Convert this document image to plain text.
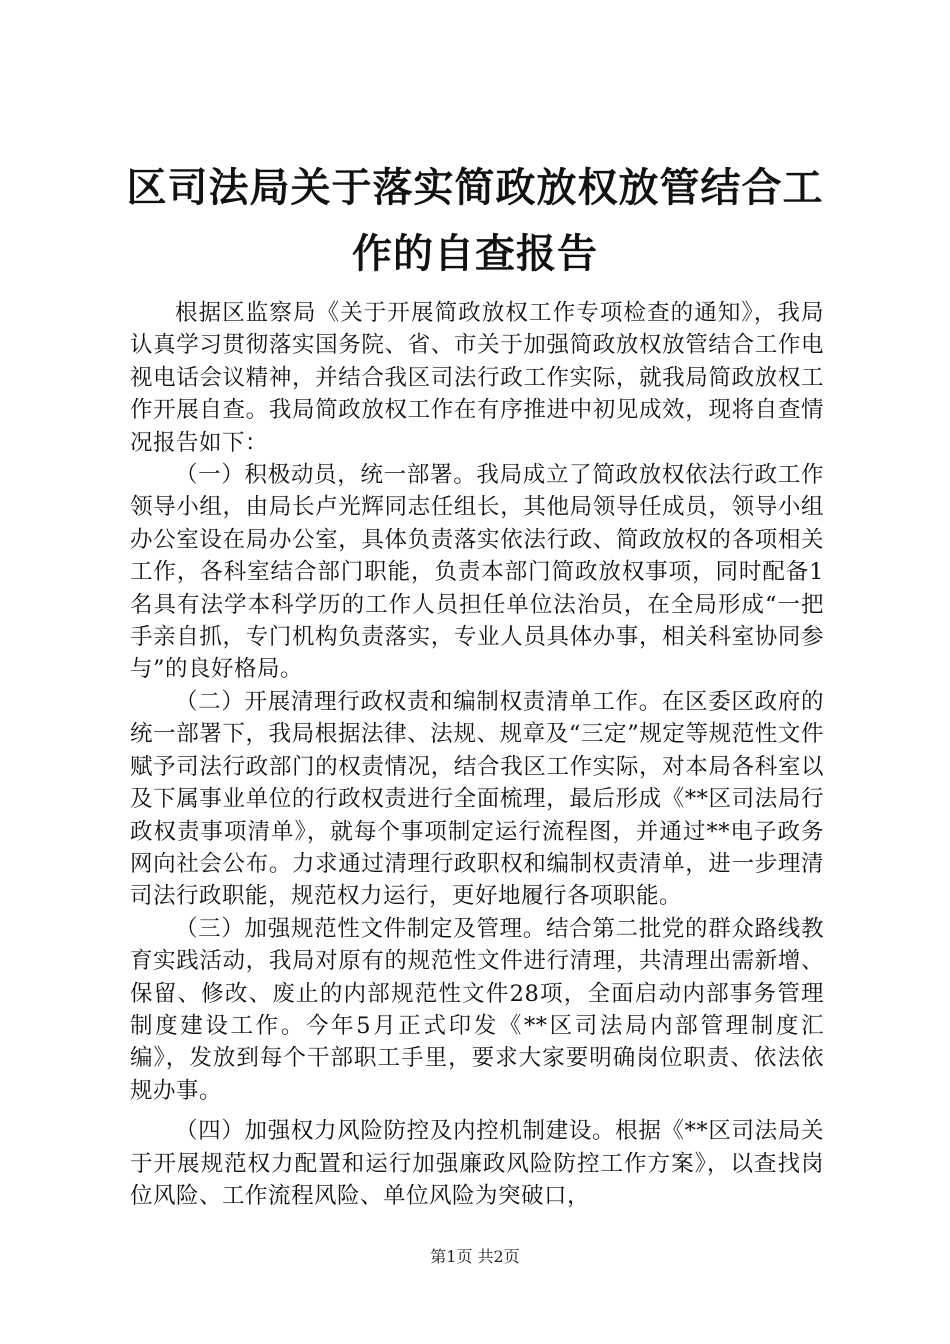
区司法局关于落实简政放权放管结合工作的自查报告

根据区监察局《关于开展简政放权工作专项检查的通知》，我局认真学习贯彻落实国务院、省、市关于加强简政放权放管结合工作电视电话会议精神，并结合我区司法行政工作实际，就我局简政放权工作开展自查。我局简政放权工作在有序推进中初见成效，现将自查情况报告如下：

（一）积极动员，统一部署。我局成立了简政放权依法行政工作领导小组，由局长卢光辉同志任组长，其他局领导任成员，领导小组办公室设在局办公室，具体负责落实依法行政、简政放权的各项相关工作，各科室结合部门职能，负责本部门简政放权事项，同时配备1名具有法学本科学历的工作人员担任单位法治员，在全局形成“一把手亲自抓，专门机构负责落实，专业人员具体办事，相关科室协同参与”的良好格局。

（二）开展清理行政权责和编制权责清单工作。在区委区政府的统一部署下，我局根据法律、法规、规章及“三定”规定等规范性文件赋予司法行政部门的权责情况，结合我区工作实际，对本局各科室以及下属事业单位的行政权责进行全面梳理，最后形成《**区司法局行政权责事项清单》，就每个事项制定运行流程图，并通过**电子政务网向社会公布。力求通过清理行政职权和编制权责清单，进一步理清司法行政职能，规范权力运行，更好地履行各项职能。

（三）加强规范性文件制定及管理。结合第二批党的群众路线教育实践活动，我局对原有的规范性文件进行清理，共清理出需新增、保留、修改、废止的内部规范性文件28项，全面启动内部事务管理制度建设工作。今年5月正式印发《**区司法局内部管理制度汇编》，发放到每个干部职工手里，要求大家要明确岗位职责、依法依规办事。

（四）加强权力风险防控及内控机制建设。根据《**区司法局关于开展规范权力配置和运行加强廉政风险防控工作方案》，以查找岗位风险、工作流程风险、单位风险为突破口，

第1页 共2页
